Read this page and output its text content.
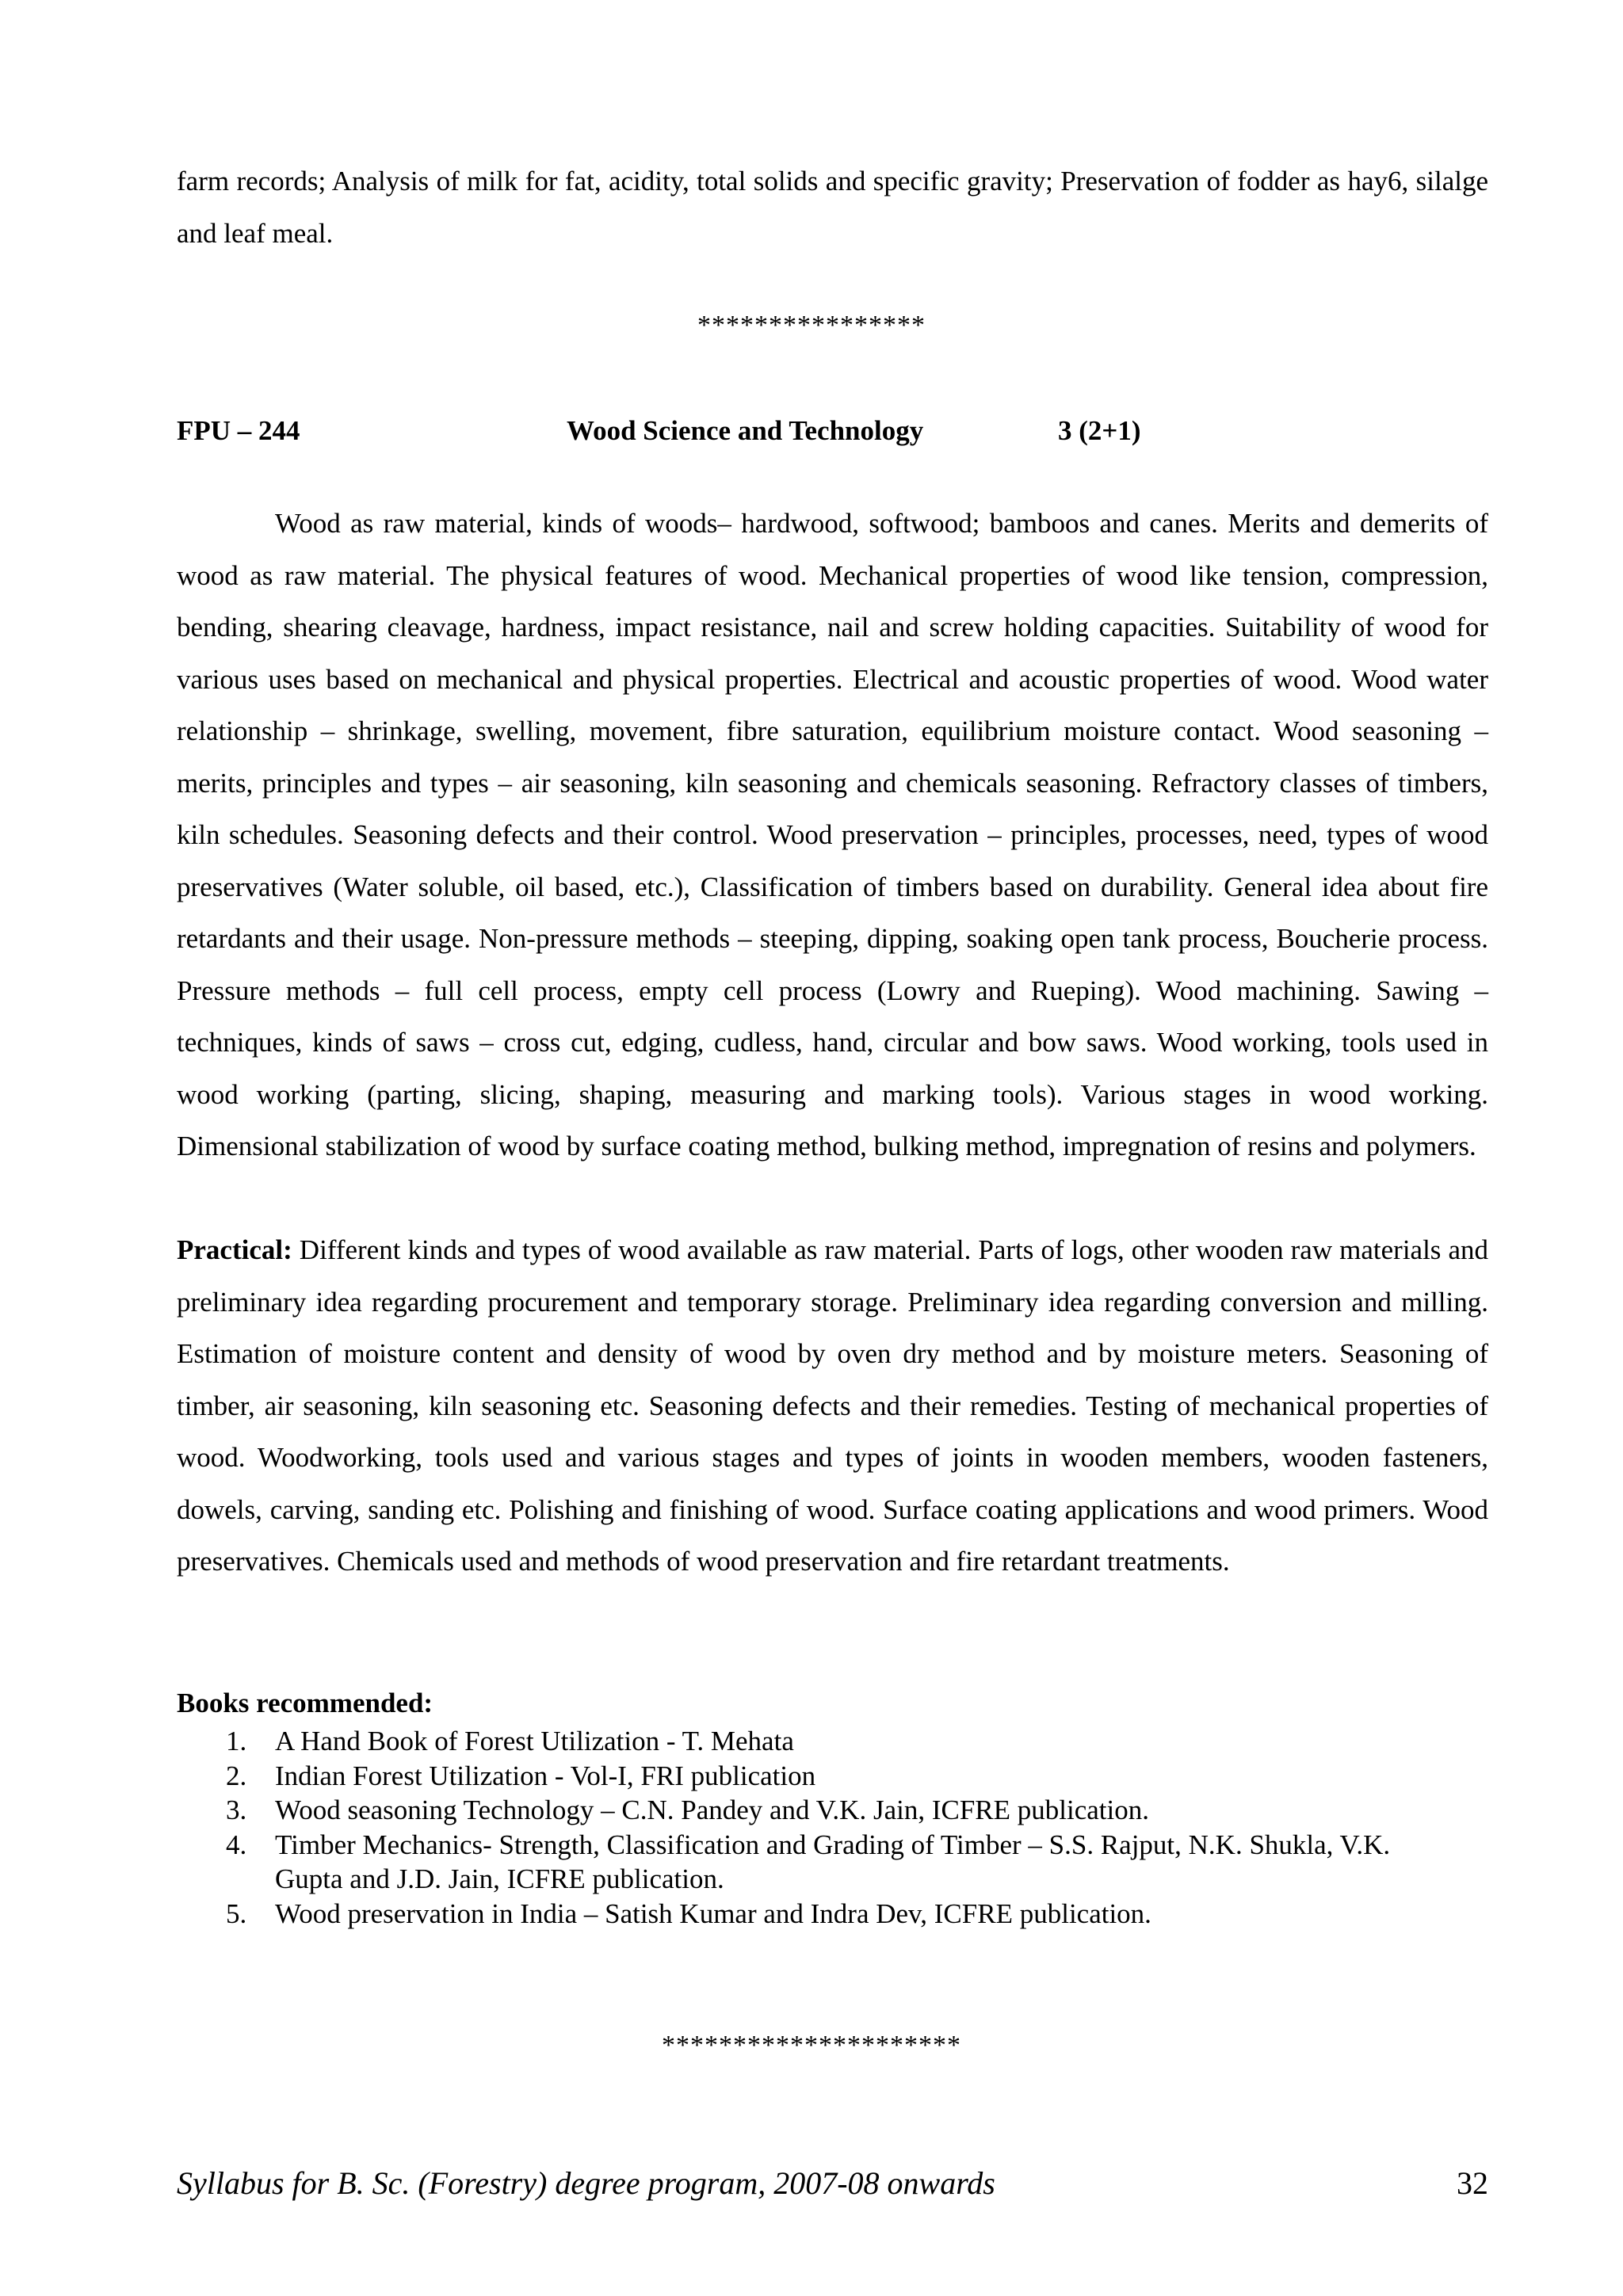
farm records; Analysis of milk for fat, acidity, total solids and specific gravity; Preservation of fodder as hay6, silalge and leaf meal.

****************
FPU – 244	Wood Science and Technology	3 (2+1)

Wood as raw material, kinds of woods– hardwood, softwood; bamboos and canes. Merits and demerits of wood as raw material. The physical features of wood. Mechanical properties of wood like tension, compression, bending, shearing cleavage, hardness, impact resistance, nail and screw holding capacities. Suitability of wood for various uses based on mechanical and physical properties. Electrical and acoustic properties of wood. Wood water relationship – shrinkage, swelling, movement, fibre saturation, equilibrium moisture contact. Wood seasoning – merits, principles and types – air seasoning, kiln seasoning and chemicals seasoning. Refractory classes of timbers, kiln schedules. Seasoning defects and their control. Wood preservation – principles, processes, need, types of wood preservatives (Water soluble, oil based, etc.), Classification of timbers based on durability. General idea about fire retardants and their usage. Non-pressure methods – steeping, dipping, soaking open tank process, Boucherie process. Pressure methods – full cell process, empty cell process (Lowry and Rueping). Wood machining. Sawing – techniques, kinds of saws – cross cut, edging, cudless, hand, circular and bow saws. Wood working, tools used in wood working (parting, slicing, shaping, measuring and marking tools). Various stages in wood working. Dimensional stabilization of wood by surface coating method, bulking method, impregnation of resins and polymers.

Practical: Different kinds and types of wood available as raw material. Parts of logs, other wooden raw materials and preliminary idea regarding procurement and temporary storage. Preliminary idea regarding conversion and milling. Estimation of moisture content and density of wood by oven dry method and by moisture meters. Seasoning of timber, air seasoning, kiln seasoning etc. Seasoning defects and their remedies. Testing of mechanical properties of wood. Woodworking, tools used and various stages and types of joints in wooden members, wooden fasteners, dowels, carving, sanding etc. Polishing and finishing of wood. Surface coating applications and wood primers. Wood preservatives. Chemicals used and methods of wood preservation and fire retardant treatments.

Books recommended:
1. A Hand Book of Forest Utilization - T. Mehata
2. Indian Forest Utilization - Vol-I, FRI publication
3. Wood seasoning Technology – C.N. Pandey and V.K. Jain, ICFRE publication.
4. Timber Mechanics- Strength, Classification and Grading of Timber – S.S. Rajput, N.K. Shukla, V.K. Gupta and J.D. Jain, ICFRE publication.
5. Wood preservation in India – Satish Kumar and Indra Dev, ICFRE publication.
*********************
Syllabus for B. Sc. (Forestry) degree program, 2007-08 onwards	32
